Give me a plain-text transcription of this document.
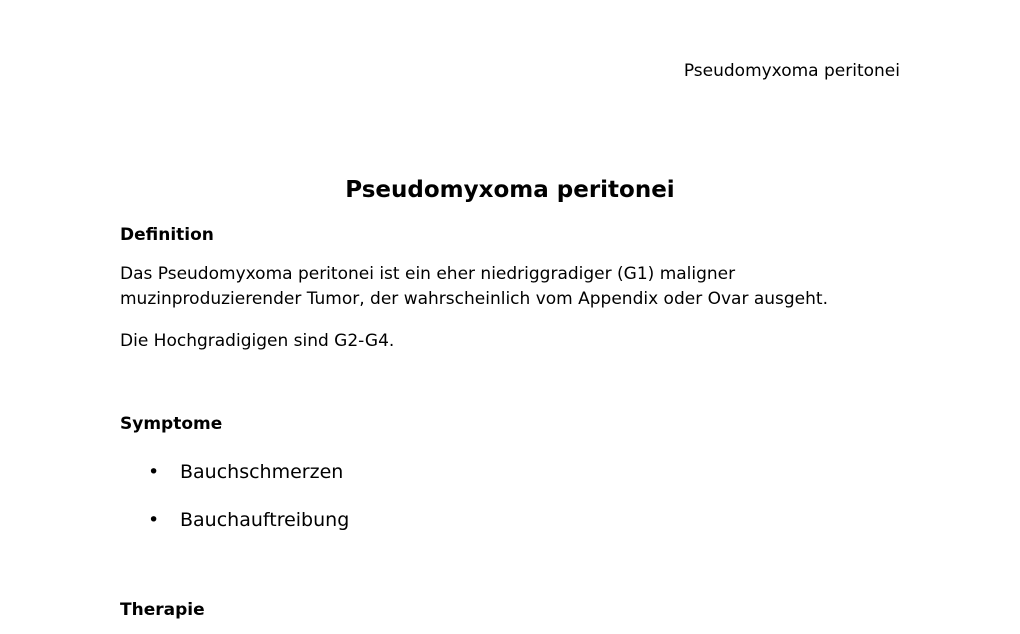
Pseudomyxoma peritonei
Pseudomyxoma peritonei
Definition

Das Pseudomyxoma peritonei ist ein eher niedriggradiger (G1) maligner muzinproduzierender Tumor, der wahrscheinlich vom Appendix oder Ovar ausgeht.

Die Hochgradigigen sind G2-G4.

Symptome
• Bauchschmerzen
• Bauchauftreibung
Therapie
